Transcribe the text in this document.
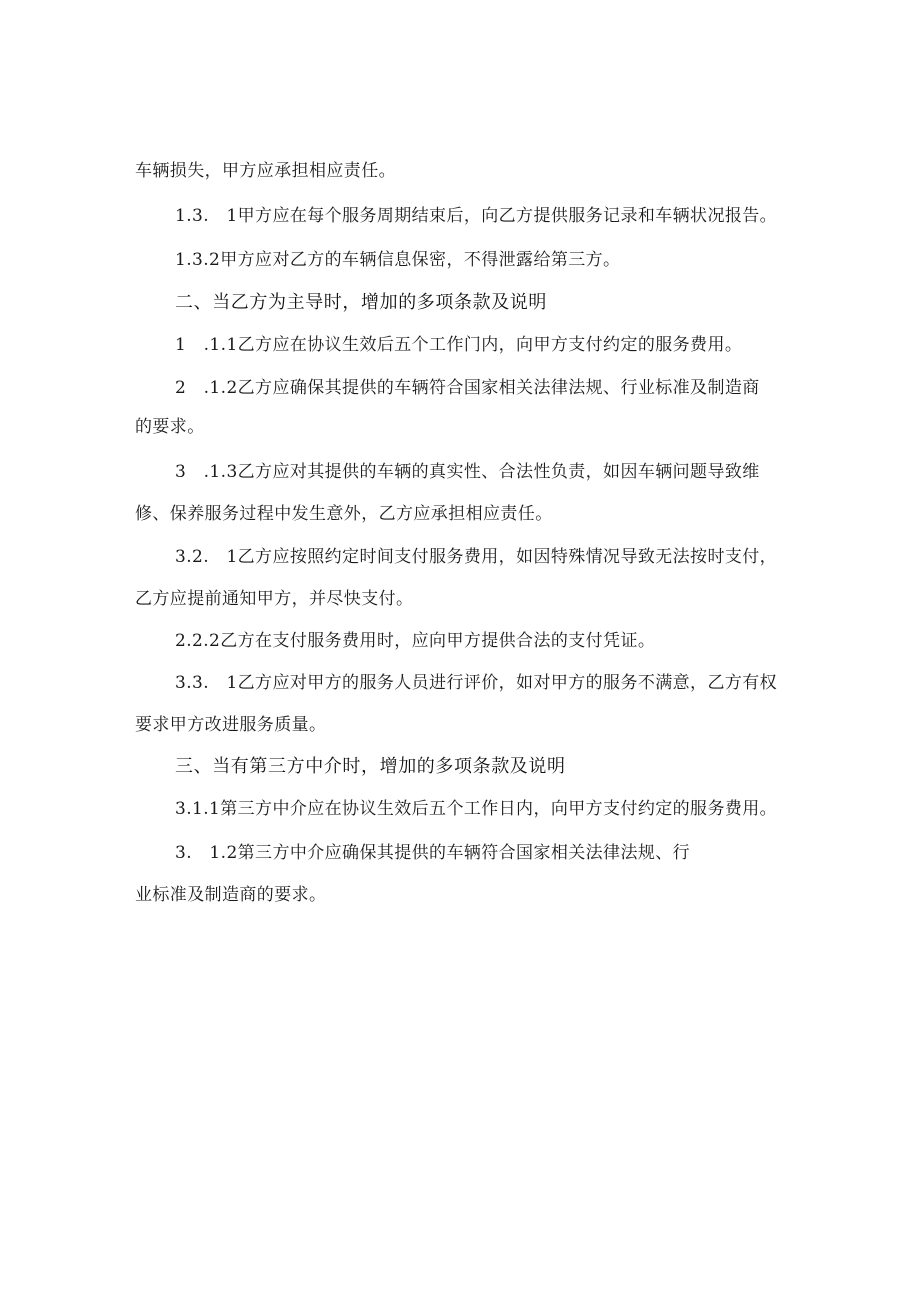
车辆损失，甲方应承担相应责任。
1.3.　1甲方应在每个服务周期结束后，向乙方提供服务记录和车辆状况报告。
1.3.2甲方应对乙方的车辆信息保密，不得泄露给第三方。
二、当乙方为主导时，增加的多项条款及说明
1　.1.1乙方应在协议生效后五个工作门内，向甲方支付约定的服务费用。
2　.1.2乙方应确保其提供的车辆符合国家相关法律法规、行业标准及制造商
的要求。
3　.1.3乙方应对其提供的车辆的真实性、合法性负责，如因车辆问题导致维
修、保养服务过程中发生意外，乙方应承担相应责任。
3.2.　1乙方应按照约定时间支付服务费用，如因特殊情况导致无法按时支付，
乙方应提前通知甲方，并尽快支付。
2.2.2乙方在支付服务费用时，应向甲方提供合法的支付凭证。
3.3.　1乙方应对甲方的服务人员进行评价，如对甲方的服务不满意，乙方有权
要求甲方改进服务质量。
三、当有第三方中介时，增加的多项条款及说明
3.1.1第三方中介应在协议生效后五个工作日内，向甲方支付约定的服务费用。
3.　1.2第三方中介应确保其提供的车辆符合国家相关法律法规、行
业标准及制造商的要求。
